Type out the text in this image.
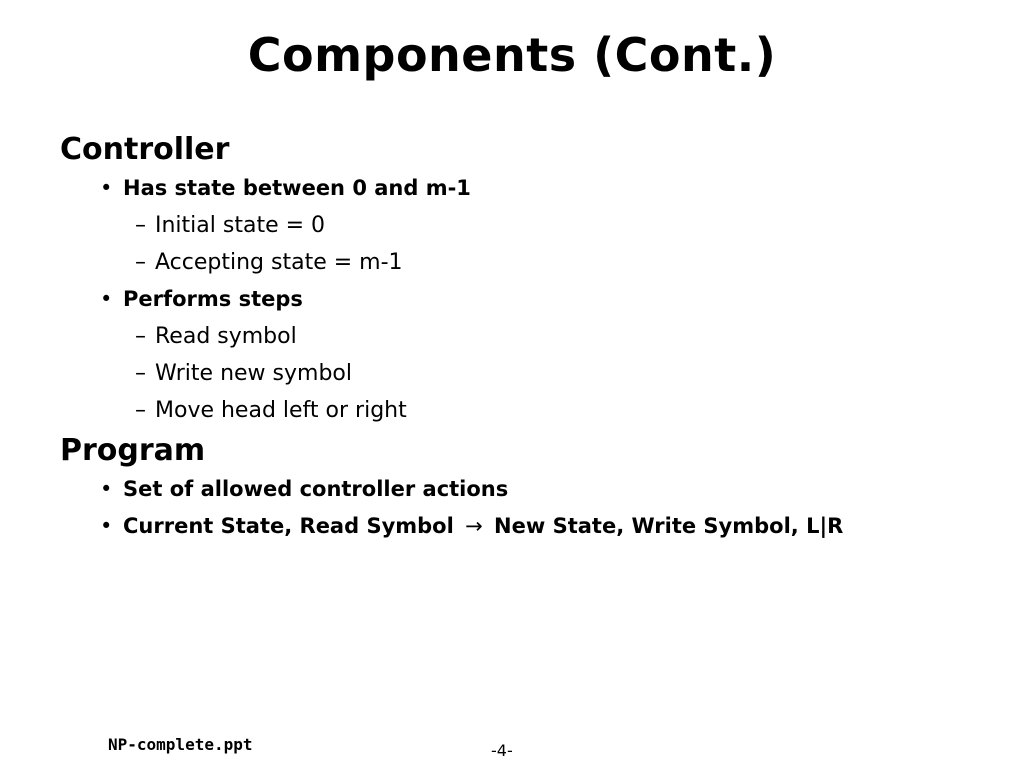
Components (Cont.)
Controller
• Has state between 0 and m-1
– Initial state = 0
– Accepting state = m-1
• Performs steps
– Read symbol
– Write new symbol
– Move head left or right
Program
• Set of allowed controller actions
• Current State, Read Symbol → New State, Write Symbol, L|R
NP-complete.ppt	-4-
